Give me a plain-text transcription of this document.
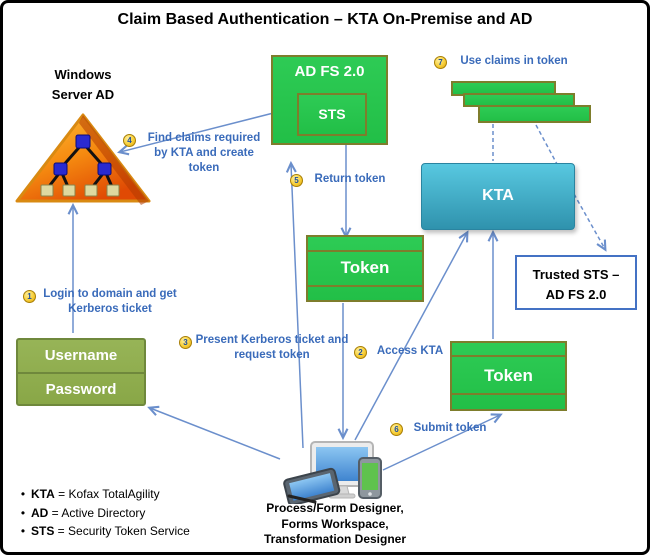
Claim Based Authentication – KTA On-Premise and AD
Windows
Server AD
AD FS 2.0
STS
KTA
Trusted STS –
AD FS 2.0
Token
Token
Username
Password
Process/Form Designer,
Forms Workspace,
Transformation Designer
1	Login to domain and get Kerberos ticket
2	Access KTA
3 Present Kerberos ticket and request token
4	Find claims required by KTA and create token
5	Return token
6	Submit token
7	Use claims in token
• KTA = Kofax TotalAgility
• AD = Active Directory
• STS = Security Token Service
